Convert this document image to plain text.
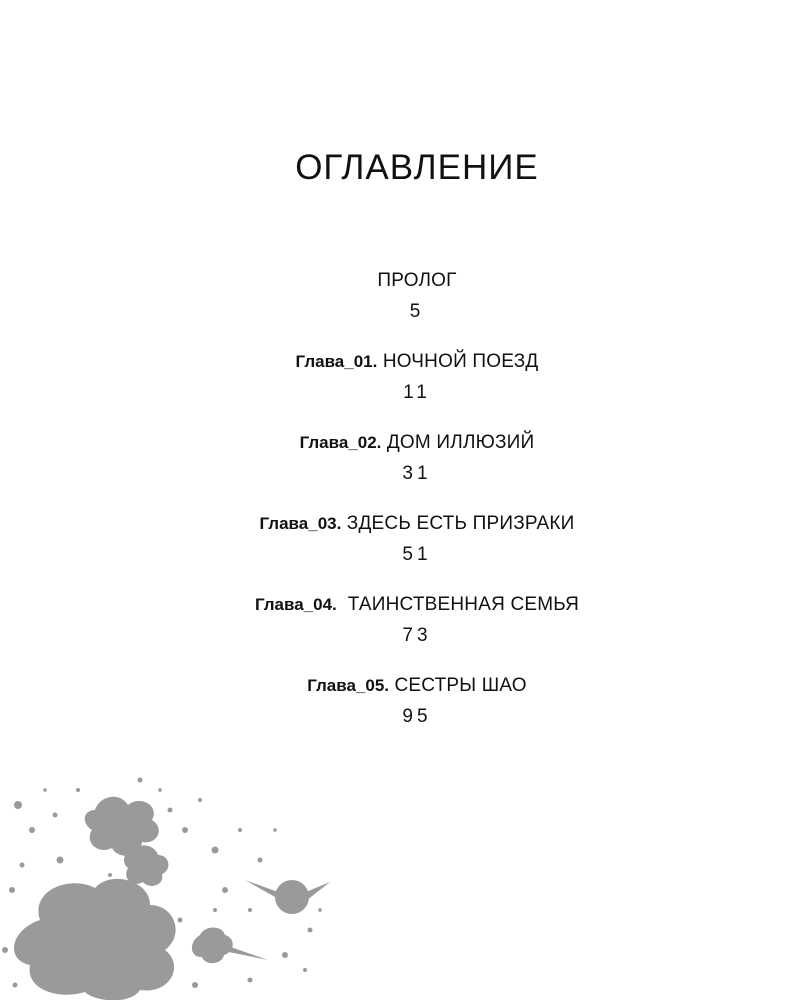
ОГЛАВЛЕНИЕ
ПРОЛОГ
5
Глава_01. НОЧНОЙ ПОЕЗД
11
Глава_02. ДОМ ИЛЛЮЗИЙ
31
Глава_03. ЗДЕСЬ ЕСТЬ ПРИЗРАКИ
51
Глава_04.  ТАИНСТВЕННАЯ СЕМЬЯ
73
Глава_05. СЕСТРЫ ШАО
95
